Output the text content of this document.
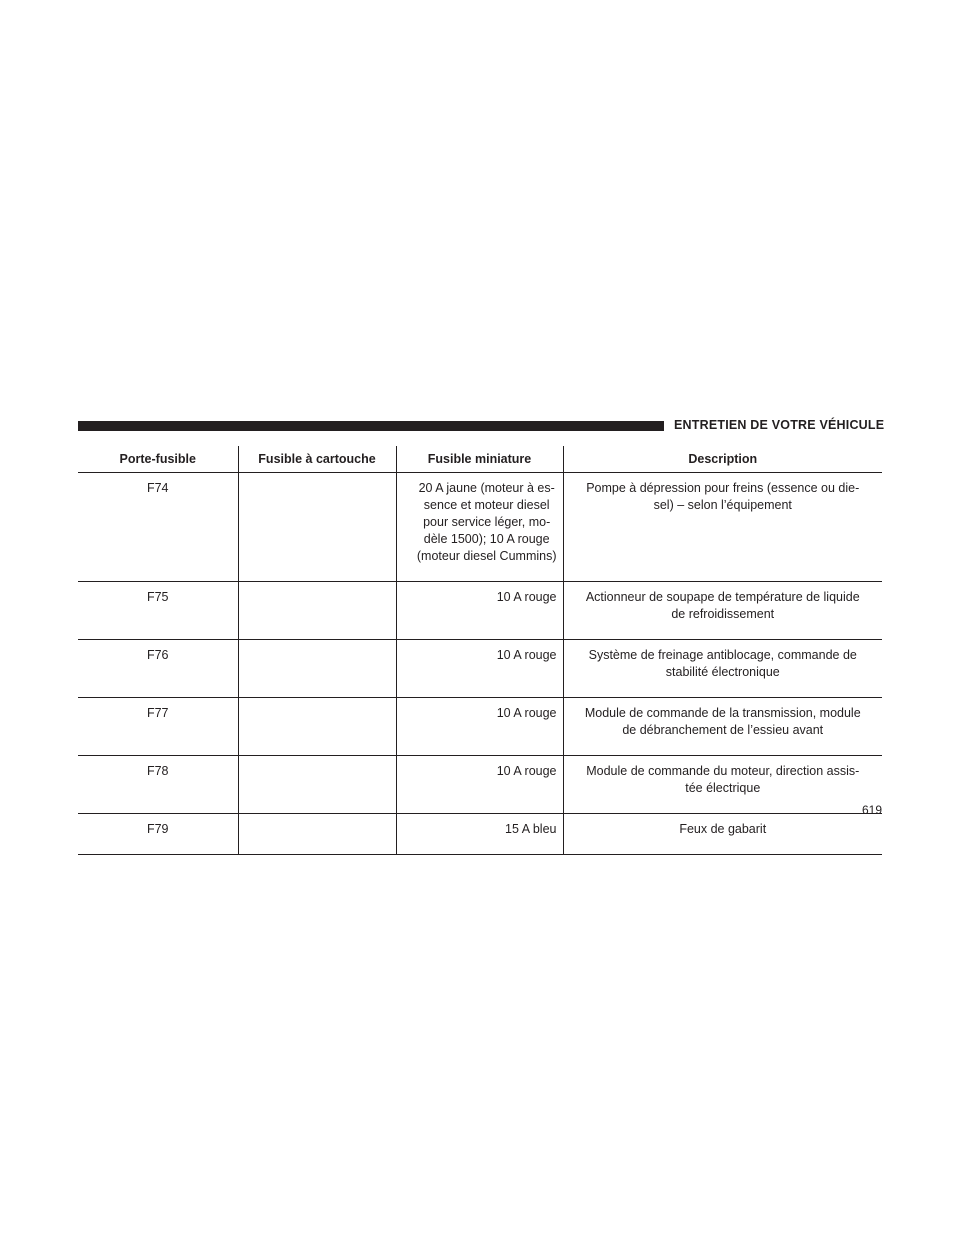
ENTRETIEN DE VOTRE VÉHICULE
Porte-fusible	Fusible à cartouche	Fusible miniature	Description
F74		20 A jaune (moteur à es-
sence et moteur diesel
pour service léger, mo-
dèle 1500); 10 A rouge
(moteur diesel Cummins)	Pompe à dépression pour freins (essence ou die-
sel) – selon l’équipement
F75		10 A rouge	Actionneur de soupape de température de liquide
de refroidissement
F76		10 A rouge	Système de freinage antiblocage, commande de
stabilité électronique
F77		10 A rouge	Module de commande de la transmission, module
de débranchement de l’essieu avant
F78		10 A rouge	Module de commande du moteur, direction assis-
tée électrique
F79		15 A bleu	Feux de gabarit
619
